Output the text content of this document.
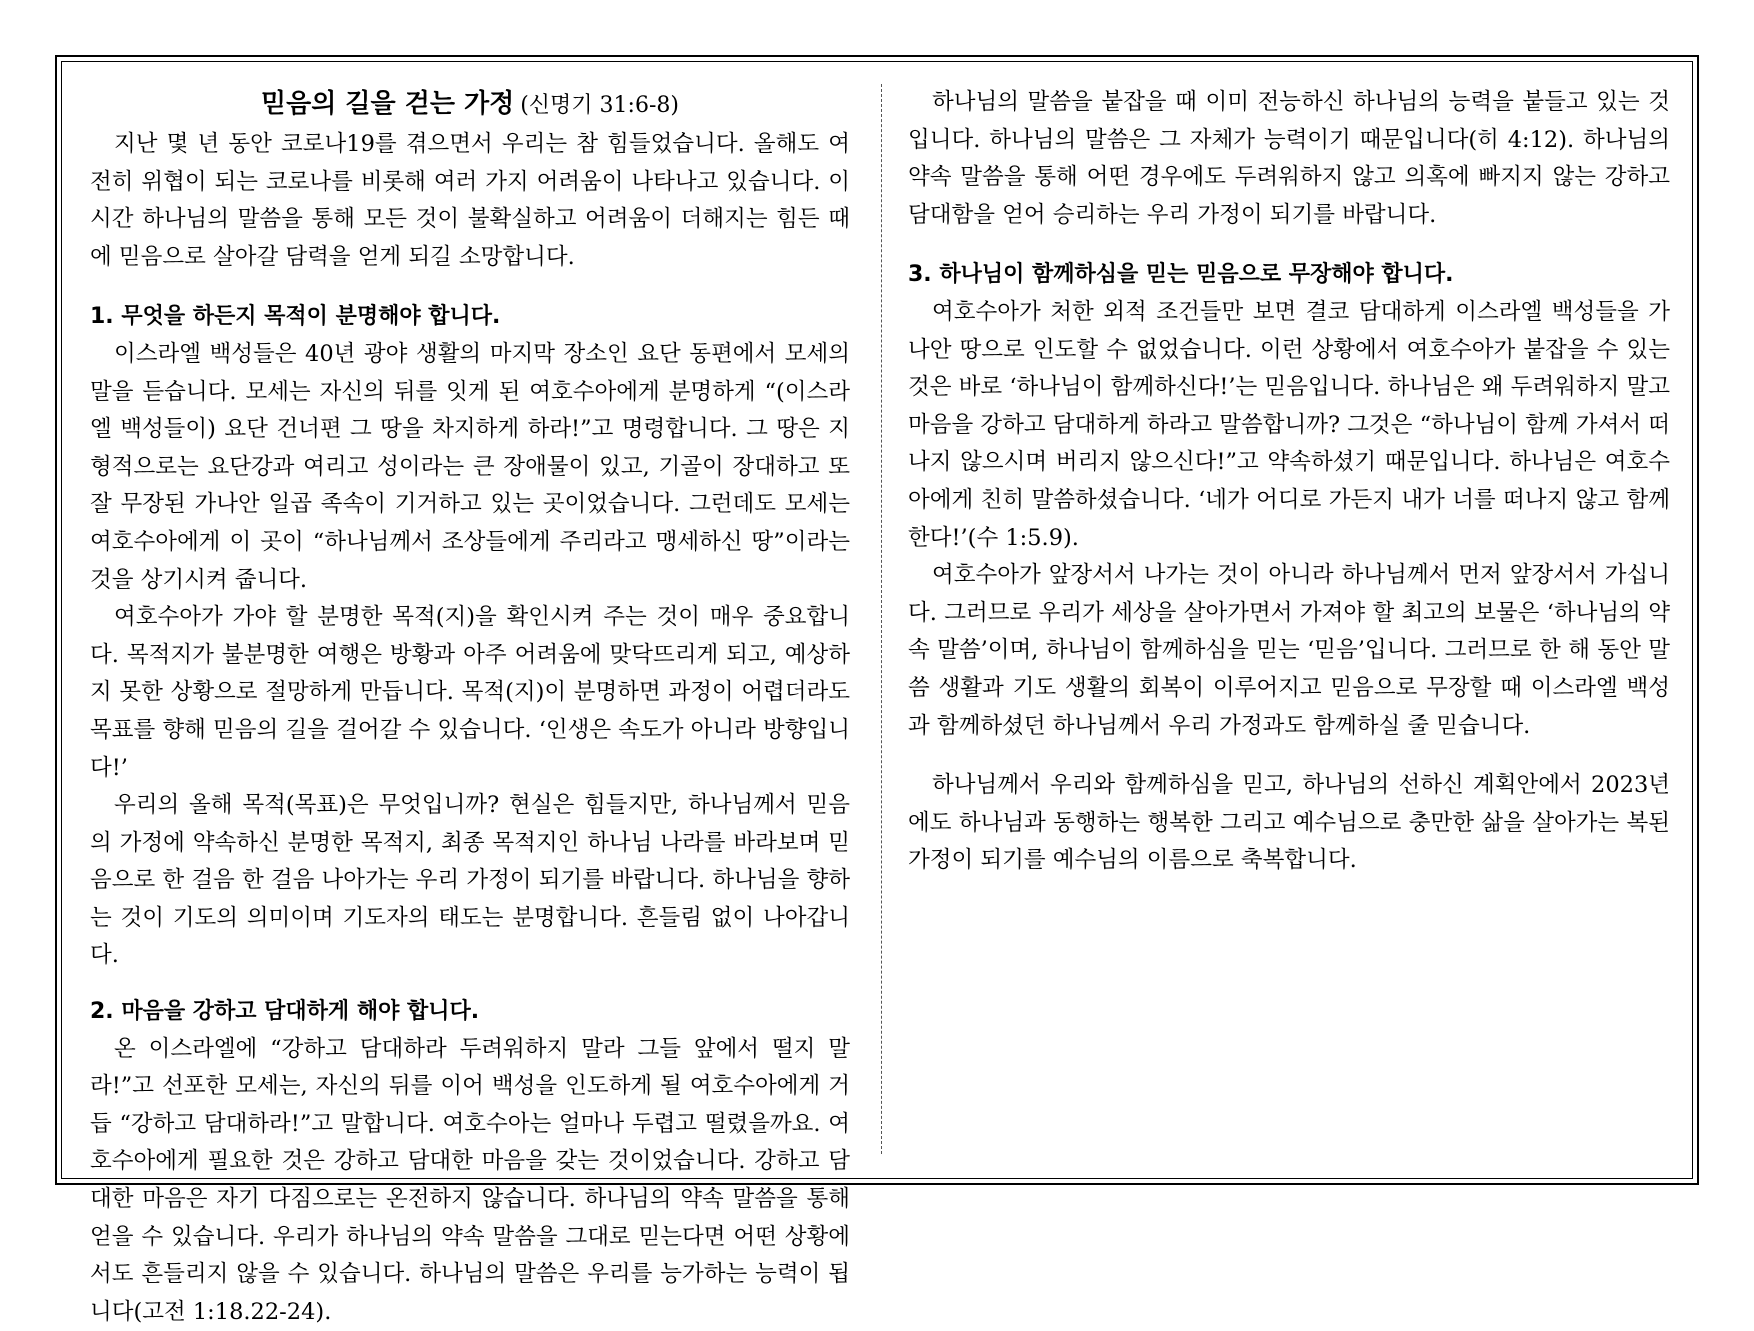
믿음의 길을 걷는 가정 (신명기 31:6-8)

지난 몇 년 동안 코로나19를 겪으면서 우리는 참 힘들었습니다. 올해도 여전히 위협이 되는 코로나를 비롯해 여러 가지 어려움이 나타나고 있습니다. 이 시간 하나님의 말씀을 통해 모든 것이 불확실하고 어려움이 더해지는 힘든 때에 믿음으로 살아갈 담력을 얻게 되길 소망합니다.

1. 무엇을 하든지 목적이 분명해야 합니다.

이스라엘 백성들은 40년 광야 생활의 마지막 장소인 요단 동편에서 모세의 말을 듣습니다. 모세는 자신의 뒤를 잇게 된 여호수아에게 분명하게 “(이스라엘 백성들이) 요단 건너편 그 땅을 차지하게 하라!”고 명령합니다. 그 땅은 지형적으로는 요단강과 여리고 성이라는 큰 장애물이 있고, 기골이 장대하고 또 잘 무장된 가나안 일곱 족속이 기거하고 있는 곳이었습니다. 그런데도 모세는 여호수아에게 이 곳이 “하나님께서 조상들에게 주리라고 맹세하신 땅”이라는 것을 상기시켜 줍니다.

여호수아가 가야 할 분명한 목적(지)을 확인시켜 주는 것이 매우 중요합니다. 목적지가 불분명한 여행은 방황과 아주 어려움에 맞닥뜨리게 되고, 예상하지 못한 상황으로 절망하게 만듭니다. 목적(지)이 분명하면 과정이 어렵더라도 목표를 향해 믿음의 길을 걸어갈 수 있습니다. ‘인생은 속도가 아니라 방향입니다!’

우리의 올해 목적(목표)은 무엇입니까? 현실은 힘들지만, 하나님께서 믿음의 가정에 약속하신 분명한 목적지, 최종 목적지인 하나님 나라를 바라보며 믿음으로 한 걸음 한 걸음 나아가는 우리 가정이 되기를 바랍니다. 하나님을 향하는 것이 기도의 의미이며 기도자의 태도는 분명합니다. 흔들림 없이 나아갑니다.

2. 마음을 강하고 담대하게 해야 합니다.

온 이스라엘에 “강하고 담대하라 두려워하지 말라 그들 앞에서 떨지 말라!”고 선포한 모세는, 자신의 뒤를 이어 백성을 인도하게 될 여호수아에게 거듭 “강하고 담대하라!”고 말합니다. 여호수아는 얼마나 두렵고 떨렸을까요. 여호수아에게 필요한 것은 강하고 담대한 마음을 갖는 것이었습니다. 강하고 담대한 마음은 자기 다짐으로는 온전하지 않습니다. 하나님의 약속 말씀을 통해 얻을 수 있습니다. 우리가 하나님의 약속 말씀을 그대로 믿는다면 어떤 상황에서도 흔들리지 않을 수 있습니다. 하나님의 말씀은 우리를 능가하는 능력이 됩니다(고전 1:18.22-24).

하나님의 말씀을 붙잡을 때 이미 전능하신 하나님의 능력을 붙들고 있는 것입니다. 하나님의 말씀은 그 자체가 능력이기 때문입니다(히 4:12). 하나님의 약속 말씀을 통해 어떤 경우에도 두려워하지 않고 의혹에 빠지지 않는 강하고 담대함을 얻어 승리하는 우리 가정이 되기를 바랍니다.

3. 하나님이 함께하심을 믿는 믿음으로 무장해야 합니다.

여호수아가 처한 외적 조건들만 보면 결코 담대하게 이스라엘 백성들을 가나안 땅으로 인도할 수 없었습니다. 이런 상황에서 여호수아가 붙잡을 수 있는 것은 바로 ‘하나님이 함께하신다!’는 믿음입니다. 하나님은 왜 두려워하지 말고 마음을 강하고 담대하게 하라고 말씀합니까? 그것은 “하나님이 함께 가셔서 떠나지 않으시며 버리지 않으신다!”고 약속하셨기 때문입니다. 하나님은 여호수아에게 친히 말씀하셨습니다. ‘네가 어디로 가든지 내가 너를 떠나지 않고 함께 한다!’(수 1:5.9).

여호수아가 앞장서서 나가는 것이 아니라 하나님께서 먼저 앞장서서 가십니다. 그러므로 우리가 세상을 살아가면서 가져야 할 최고의 보물은 ‘하나님의 약속 말씀’이며, 하나님이 함께하심을 믿는 ‘믿음’입니다. 그러므로 한 해 동안 말씀 생활과 기도 생활의 회복이 이루어지고 믿음으로 무장할 때 이스라엘 백성과 함께하셨던 하나님께서 우리 가정과도 함께하실 줄 믿습니다.

하나님께서 우리와 함께하심을 믿고, 하나님의 선하신 계획안에서 2023년에도 하나님과 동행하는 행복한 그리고 예수님으로 충만한 삶을 살아가는 복된 가정이 되기를 예수님의 이름으로 축복합니다.
